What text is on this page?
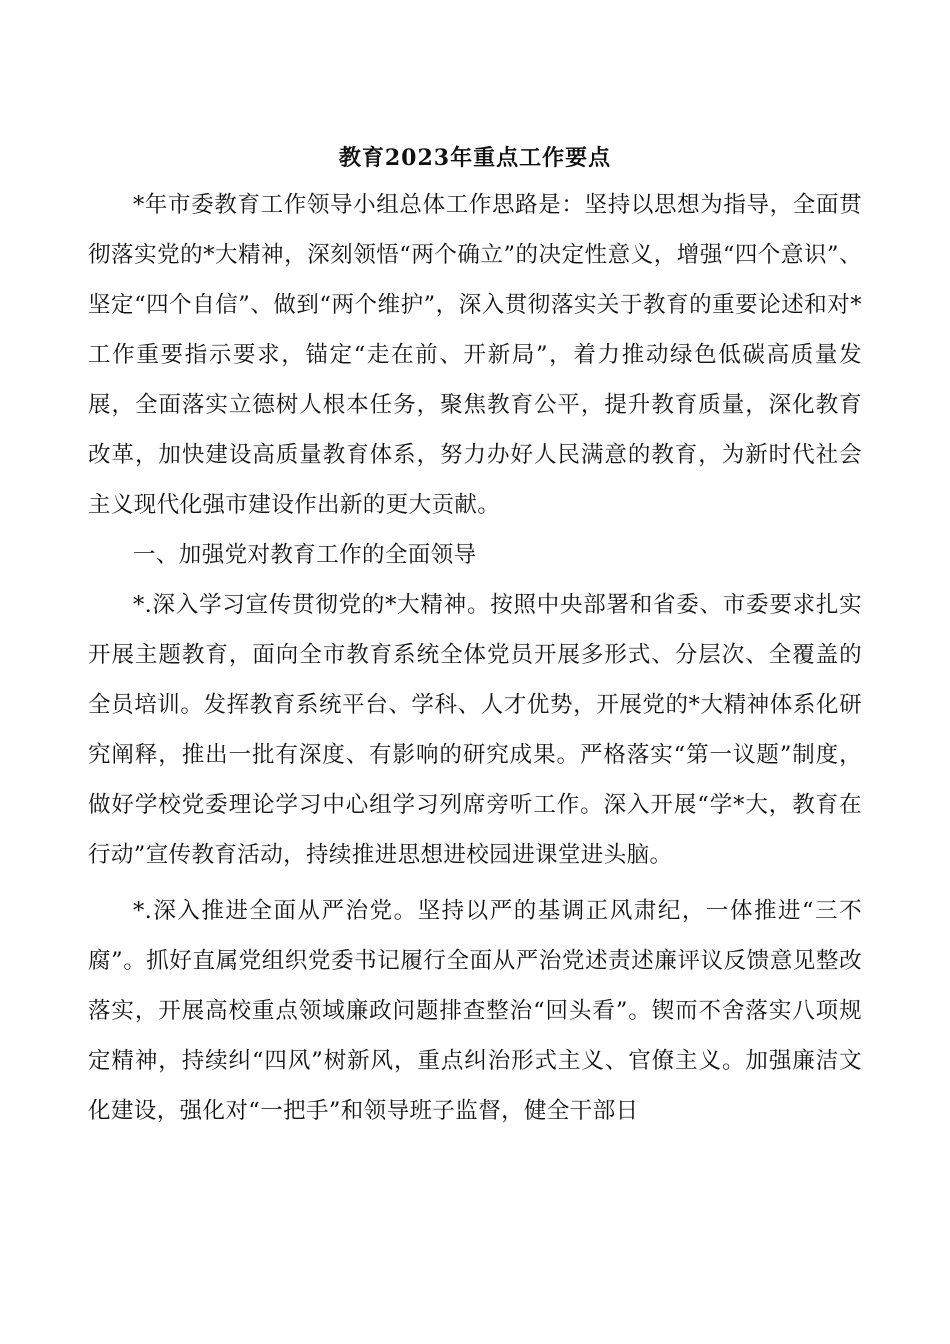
教育2023年重点工作要点

*年市委教育工作领导小组总体工作思路是：坚持以思想为指导，全面贯彻落实党的*大精神，深刻领悟“两个确立”的决定性意义，增强“四个意识”、坚定“四个自信”、做到“两个维护”，深入贯彻落实关于教育的重要论述和对*工作重要指示要求，锚定“走在前、开新局”，着力推动绿色低碳高质量发展，全面落实立德树人根本任务，聚焦教育公平，提升教育质量，深化教育改革，加快建设高质量教育体系，努力办好人民满意的教育，为新时代社会主义现代化强市建设作出新的更大贡献。

一、加强党对教育工作的全面领导

*.深入学习宣传贯彻党的*大精神。按照中央部署和省委、市委要求扎实开展主题教育，面向全市教育系统全体党员开展多形式、分层次、全覆盖的全员培训。发挥教育系统平台、学科、人才优势，开展党的*大精神体系化研究阐释，推出一批有深度、有影响的研究成果。严格落实“第一议题”制度，做好学校党委理论学习中心组学习列席旁听工作。深入开展“学*大，教育在行动”宣传教育活动，持续推进思想进校园进课堂进头脑。

*.深入推进全面从严治党。坚持以严的基调正风肃纪，一体推进“三不腐”。抓好直属党组织党委书记履行全面从严治党述责述廉评议反馈意见整改落实，开展高校重点领域廉政问题排查整治“回头看”。锲而不舍落实八项规定精神，持续纠“四风”树新风，重点纠治形式主义、官僚主义。加强廉洁文化建设，强化对“一把手”和领导班子监督，健全干部日
